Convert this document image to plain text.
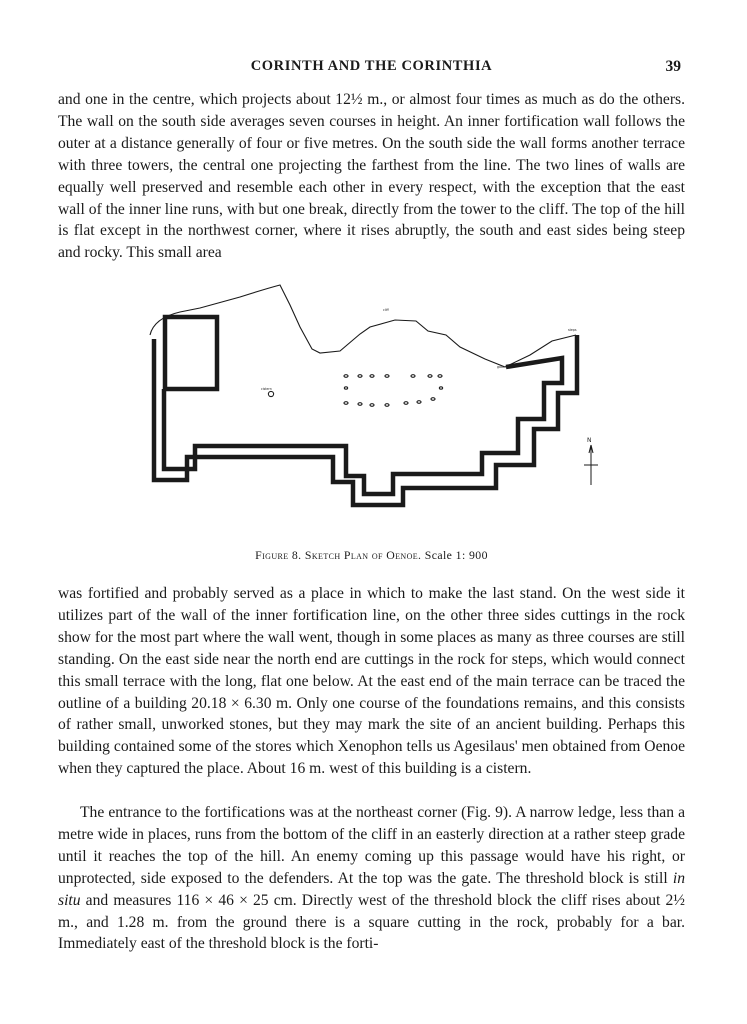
CORINTH AND THE CORINTHIA	39

and one in the centre, which projects about 12½ m., or almost four times as much as do the others. The wall on the south side averages seven courses in height. An inner fortification wall follows the outer at a distance generally of four or five metres. On the south side the wall forms another terrace with three towers, the central one projecting the farthest from the line. The two lines of walls are equally well preserved and resemble each other in every respect, with the exception that the east wall of the inner line runs, with but one break, directly from the tower to the cliff. The top of the hill is flat except in the northwest corner, where it rises abruptly, the south and east sides being steep and rocky. This small area

cistern
cliff
gate
steps
N
Figure 8. Sketch Plan of Oenoe. Scale 1: 900

was fortified and probably served as a place in which to make the last stand. On the west side it utilizes part of the wall of the inner fortification line, on the other three sides cuttings in the rock show for the most part where the wall went, though in some places as many as three courses are still standing. On the east side near the north end are cuttings in the rock for steps, which would connect this small terrace with the long, flat one below. At the east end of the main terrace can be traced the outline of a building 20.18 × 6.30 m. Only one course of the foundations remains, and this consists of rather small, unworked stones, but they may mark the site of an ancient building. Perhaps this building contained some of the stores which Xenophon tells us Agesilaus' men obtained from Oenoe when they captured the place. About 16 m. west of this building is a cistern.

The entrance to the fortifications was at the northeast corner (Fig. 9). A narrow ledge, less than a metre wide in places, runs from the bottom of the cliff in an easterly direction at a rather steep grade until it reaches the top of the hill. An enemy coming up this passage would have his right, or unprotected, side exposed to the defenders. At the top was the gate. The threshold block is still in situ and measures 116 × 46 × 25 cm. Directly west of the threshold block the cliff rises about 2½ m., and 1.28 m. from the ground there is a square cutting in the rock, probably for a bar. Immediately east of the threshold block is the forti-
